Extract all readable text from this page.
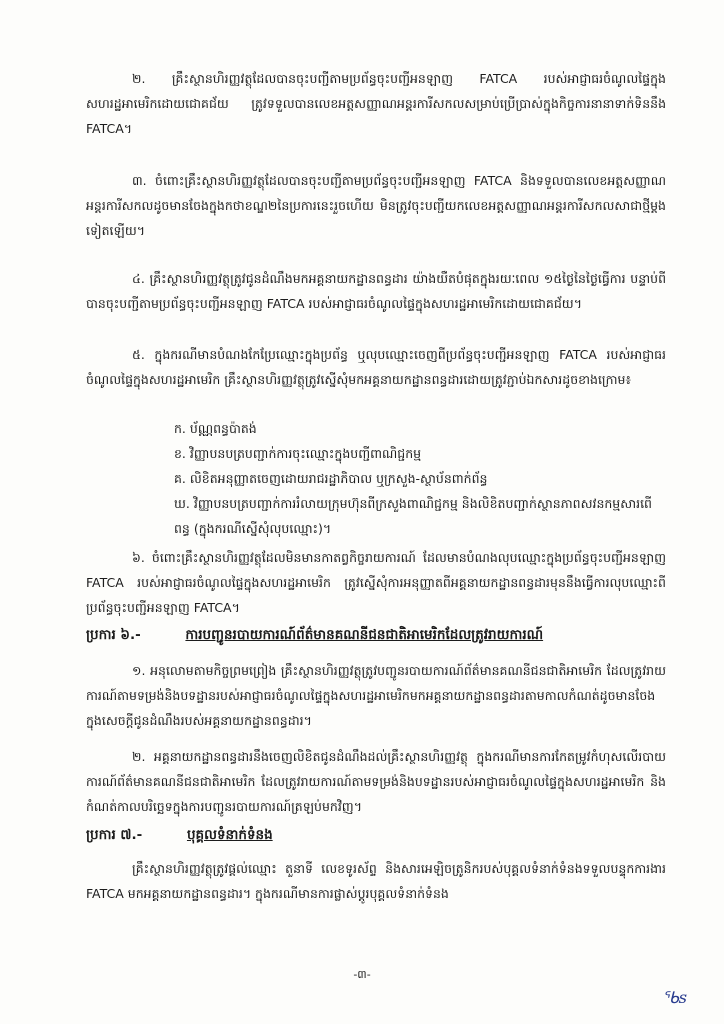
២. គ្រឹះស្ថានហិរញ្ញវត្ថុដែលបានចុះបញ្ជីតាមប្រព័ន្ធចុះបញ្ជីអនឡាញ FATCA របស់អាជ្ញាធរចំណូលផ្ទៃក្នុងសហរដ្ឋអាមេរិកដោយជោគជ័យ ត្រូវទទួលបានលេខអត្តសញ្ញាណអន្តរការីសកលសម្រាប់ប្រើប្រាស់ក្នុងកិច្ចការនានាទាក់ទិននឹង FATCA។
៣. ចំពោះគ្រឹះស្ថានហិរញ្ញវត្ថុដែលបានចុះបញ្ជីតាមប្រព័ន្ធចុះបញ្ជីអនឡាញ FATCA និងទទួលបានលេខអត្តសញ្ញាណអន្តរការីសកលដូចមានចែងក្នុងកថាខណ្ឌ២នៃប្រការនេះរួចហើយ មិនត្រូវចុះបញ្ជីយកលេខអត្តសញ្ញាណអន្តរការីសកលសាជាថ្មីម្តងទៀតឡើយ។
៤. គ្រឹះស្ថានហិរញ្ញវត្ថុត្រូវជូនដំណឹងមកអគ្គនាយកដ្ឋានពន្ធដារ យ៉ាងយឺតបំផុតក្នុងរយៈពេល ១៥ថ្ងៃនៃថ្ងៃធ្វើការ បន្ទាប់ពីបានចុះបញ្ជីតាមប្រព័ន្ធចុះបញ្ជីអនឡាញ FATCA របស់អាជ្ញាធរចំណូលផ្ទៃក្នុងសហរដ្ឋអាមេរិកដោយជោគជ័យ។
៥. ក្នុងករណីមានបំណងកែប្រែឈ្មោះក្នុងប្រព័ន្ធ ឬលុបឈ្មោះចេញពីប្រព័ន្ធចុះបញ្ជីអនឡាញ FATCA របស់អាជ្ញាធរចំណូលផ្ទៃក្នុងសហរដ្ឋអាមេរិក គ្រឹះស្ថានហិរញ្ញវត្ថុត្រូវស្នើសុំមកអគ្គនាយកដ្ឋានពន្ធដារដោយត្រូវភ្ជាប់ឯកសារដូចខាងក្រោម៖
ក. ប័ណ្ណពន្ធប៉ាតង់
ខ. វិញ្ញាបនបត្របញ្ជាក់ការចុះឈ្មោះក្នុងបញ្ជីពាណិជ្ជកម្ម
គ. លិខិតអនុញ្ញាតចេញដោយរាជរដ្ឋាភិបាល ឬក្រសួង-ស្ថាប័នពាក់ព័ន្ធ
ឃ. វិញ្ញាបនបត្របញ្ជាក់ការរំលាយក្រុមហ៊ុនពីក្រសួងពាណិជ្ជកម្ម និងលិខិតបញ្ជាក់ស្ថានភាពសវនកម្មសារពើពន្ធ (ក្នុងករណីស្នើសុំលុបឈ្មោះ)។
៦. ចំពោះគ្រឹះស្ថានហិរញ្ញវត្ថុដែលមិនមានកាតព្វកិច្ចរាយការណ៍ ដែលមានបំណងលុបឈ្មោះក្នុងប្រព័ន្ធចុះបញ្ជីអនឡាញ FATCA របស់អាជ្ញាធរចំណូលផ្ទៃក្នុងសហរដ្ឋអាមេរិក ត្រូវស្នើសុំការអនុញ្ញាតពីអគ្គនាយកដ្ឋានពន្ធដារមុននឹងធ្វើការលុបឈ្មោះពីប្រព័ន្ធចុះបញ្ជីអនឡាញ FATCA។
ប្រការ ៦.-	ការបញ្ជូនរបាយការណ៍ព័ត៌មានគណនីជនជាតិអាមេរិកដែលត្រូវរាយការណ៍
១. អនុលោមតាមកិច្ចព្រមព្រៀង គ្រឹះស្ថានហិរញ្ញវត្ថុត្រូវបញ្ជូនរបាយការណ៍ព័ត៌មានគណនីជនជាតិអាមេរិក ដែលត្រូវរាយការណ៍តាមទម្រង់និងបទដ្ឋានរបស់អាជ្ញាធរចំណូលផ្ទៃក្នុងសហរដ្ឋអាមេរិកមកអគ្គនាយកដ្ឋានពន្ធដារតាមកាលកំណត់ដូចមានចែងក្នុងសេចក្តីជូនដំណឹងរបស់អគ្គនាយកដ្ឋានពន្ធដារ។
២. អគ្គនាយកដ្ឋានពន្ធដារនឹងចេញលិខិតជូនដំណឹងដល់គ្រឹះស្ថានហិរញ្ញវត្ថុ ក្នុងករណីមានការកែតម្រូវកំហុសលើរបាយការណ៍ព័ត៌មានគណនីជនជាតិអាមេរិក ដែលត្រូវរាយការណ៍តាមទម្រង់និងបទដ្ឋានរបស់អាជ្ញាធរចំណូលផ្ទៃក្នុងសហរដ្ឋអាមេរិក និងកំណត់កាលបរិច្ឆេទក្នុងការបញ្ជូនរបាយការណ៍ត្រឡប់មកវិញ។
ប្រការ ៧.-	បុគ្គលទំនាក់ទំនង
គ្រឹះស្ថានហិរញ្ញវត្ថុត្រូវផ្តល់ឈ្មោះ តួនាទី លេខទូរស័ព្ទ និងសារអេឡិចត្រូនិករបស់បុគ្គលទំនាក់ទំនងទទួលបន្ទុកការងារ FATCA មកអគ្គនាយកដ្ឋានពន្ធដារ។ ក្នុងករណីមានការផ្លាស់ប្តូរបុគ្គលទំនាក់ទំនង
-៣-
ᖃꜱ
